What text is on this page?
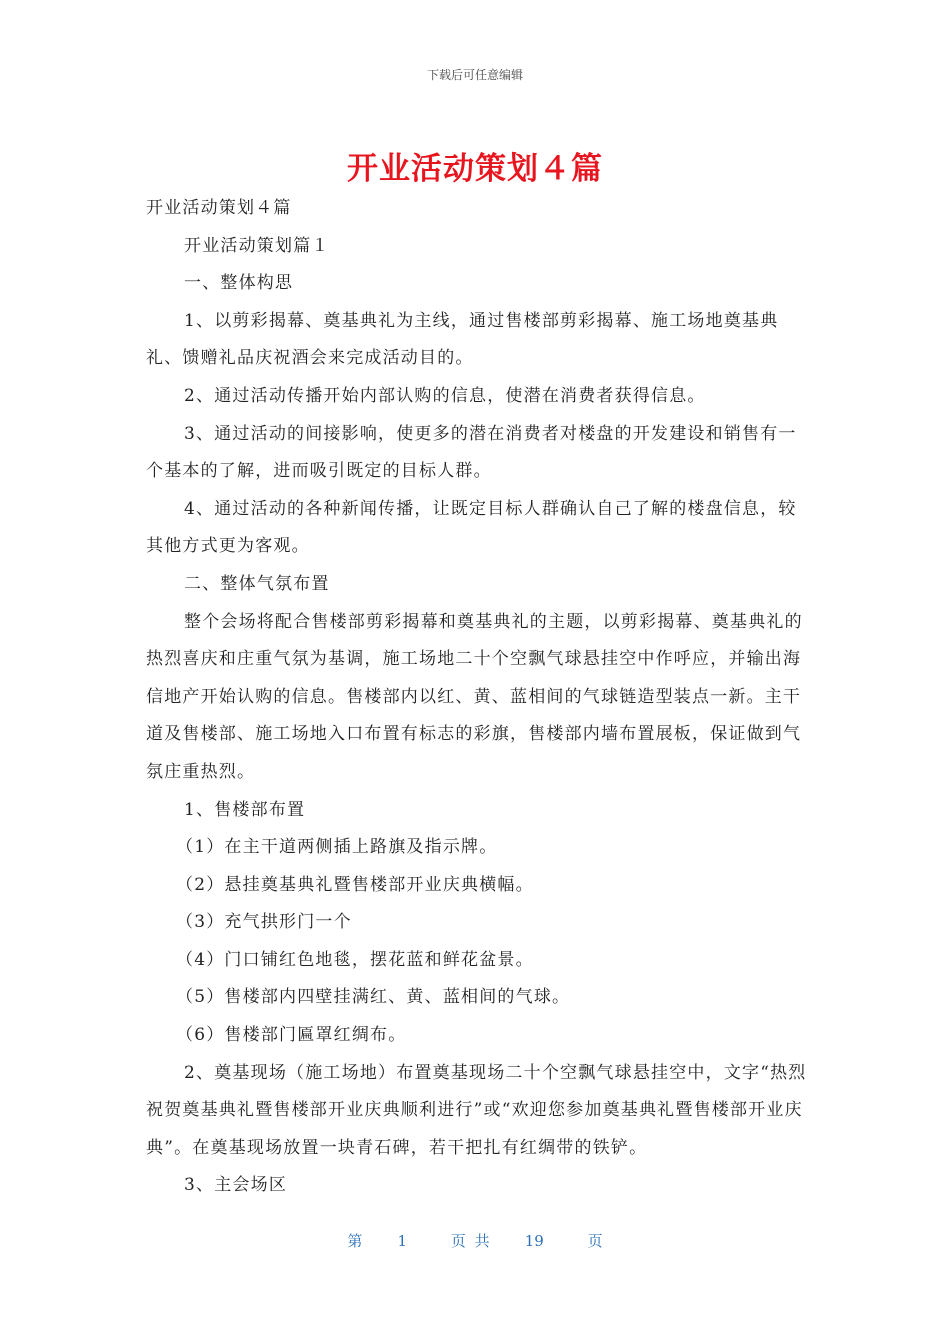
下载后可任意编辑
开业活动策划４篇

开业活动策划４篇

开业活动策划篇１

一、整体构思

1、以剪彩揭幕、奠基典礼为主线，通过售楼部剪彩揭幕、施工场地奠基典礼、馈赠礼品庆祝酒会来完成活动目的。

2、通过活动传播开始内部认购的信息，使潜在消费者获得信息。

3、通过活动的间接影响，使更多的潜在消费者对楼盘的开发建设和销售有一个基本的了解，进而吸引既定的目标人群。

4、通过活动的各种新闻传播，让既定目标人群确认自己了解的楼盘信息，较其他方式更为客观。

二、整体气氛布置

整个会场将配合售楼部剪彩揭幕和奠基典礼的主题，以剪彩揭幕、奠基典礼的热烈喜庆和庄重气氛为基调，施工场地二十个空飘气球悬挂空中作呼应，并输出海信地产开始认购的信息。售楼部内以红、黄、蓝相间的气球链造型装点一新。主干道及售楼部、施工场地入口布置有标志的彩旗，售楼部内墙布置展板，保证做到气氛庄重热烈。

1、售楼部布置

（1）在主干道两侧插上路旗及指示牌。

（2）悬挂奠基典礼暨售楼部开业庆典横幅。

（3）充气拱形门一个

（4）门口铺红色地毯，摆花蓝和鲜花盆景。

（5）售楼部内四壁挂满红、黄、蓝相间的气球。

（6）售楼部门匾罩红绸布。

2、奠基现场（施工场地）布置奠基现场二十个空飘气球悬挂空中，文字“热烈祝贺奠基典礼暨售楼部开业庆典顺利进行”或“欢迎您参加奠基典礼暨售楼部开业庆典”。在奠基现场放置一块青石碑，若干把扎有红绸带的铁铲。

3、主会场区

第 1	页 共 19	页
